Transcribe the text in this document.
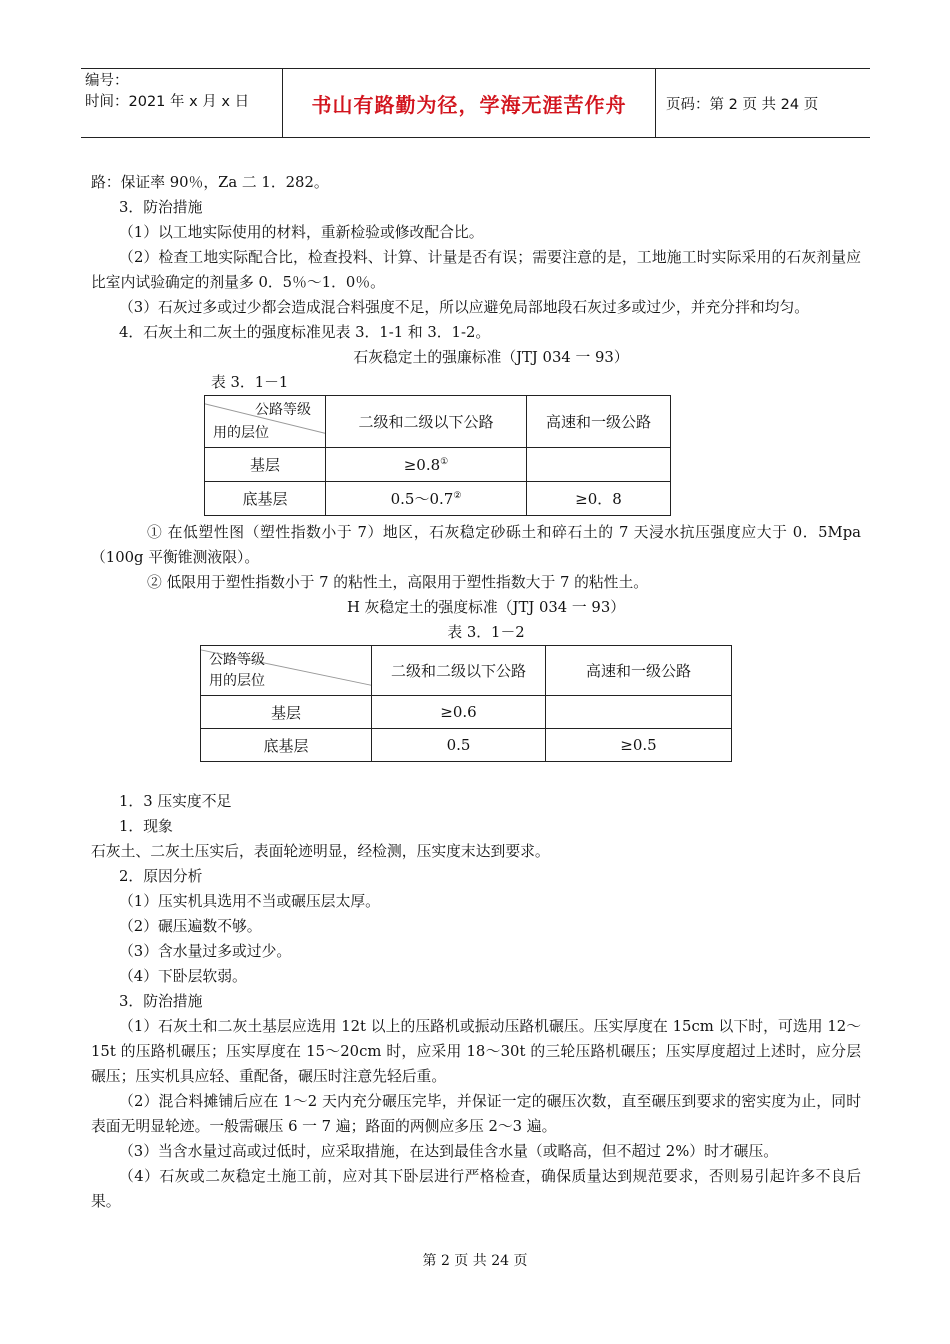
编号：
时间：2021 年 x 月 x 日	书山有路勤为径，学海无涯苦作舟	页码：第 2 页 共 24 页

路：保证率 90％，Za 二 1．282。

3．防治措施

（1）以工地实际使用的材料，重新检验或修改配合比。

（2）检查工地实际配合比，检查投料、计算、计量是否有误；需要注意的是，工地施工时实际采用的石灰剂量应比室内试验确定的剂量多 0．5％～1．0％。

（3）石灰过多或过少都会造成混合料强度不足，所以应避免局部地段石灰过多或过少，并充分拌和均匀。

4．石灰土和二灰土的强度标准见表 3．1-1 和 3．1-2。

石灰稳定土的强廉标准（JTJ 034 一 93）

表 3．1－1

公路等级
用的层位	二级和二级以下公路	高速和一级公路
基层	≥0.8①	
底基层	0.5～0.7②	≥0．8

① 在低塑性图（塑性指数小于 7）地区，石灰稳定砂砾土和碎石土的 7 天浸水抗压强度应大于 0．5Mpa（100g 平衡锥测液限）。

② 低限用于塑性指数小于 7 的粘性土，高限用于塑性指数大于 7 的粘性土。

H 灰稳定土的强度标准（JTJ 034 一 93）

表 3．1－2

公路等级
用的层位	二级和二级以下公路	高速和一级公路
基层	≥0.6	
底基层	0.5	≥0.5

1．3 压实度不足

1．现象

石灰土、二灰土压实后，表面轮迹明显，经检测，压实度末达到要求。

2．原因分析

（1）压实机具选用不当或碾压层太厚。

（2）碾压遍数不够。

（3）含水量过多或过少。

（4）下卧层软弱。

3．防治措施

（1）石灰土和二灰土基层应选用 12t 以上的压路机或振动压路机碾压。压实厚度在 15cm 以下时，可选用 12～15t 的压路机碾压；压实厚度在 15～20cm 时，应采用 18～30t 的三轮压路机碾压；压实厚度超过上述时，应分层碾压；压实机具应轻、重配备，碾压时注意先轻后重。

（2）混合料摊铺后应在 1～2 天内充分碾压完毕，并保证一定的碾压次数，直至碾压到要求的密实度为止，同时表面无明显轮迹。一般需碾压 6 一 7 遍；路面的两侧应多压 2～3 遍。

（3）当含水量过高或过低时，应采取措施，在达到最佳含水量（或略高，但不超过 2%）时才碾压。

（4）石灰或二灰稳定土施工前，应对其下卧层进行严格检查，确保质量达到规范要求，否则易引起许多不良后果。

第 2 页 共 24 页
